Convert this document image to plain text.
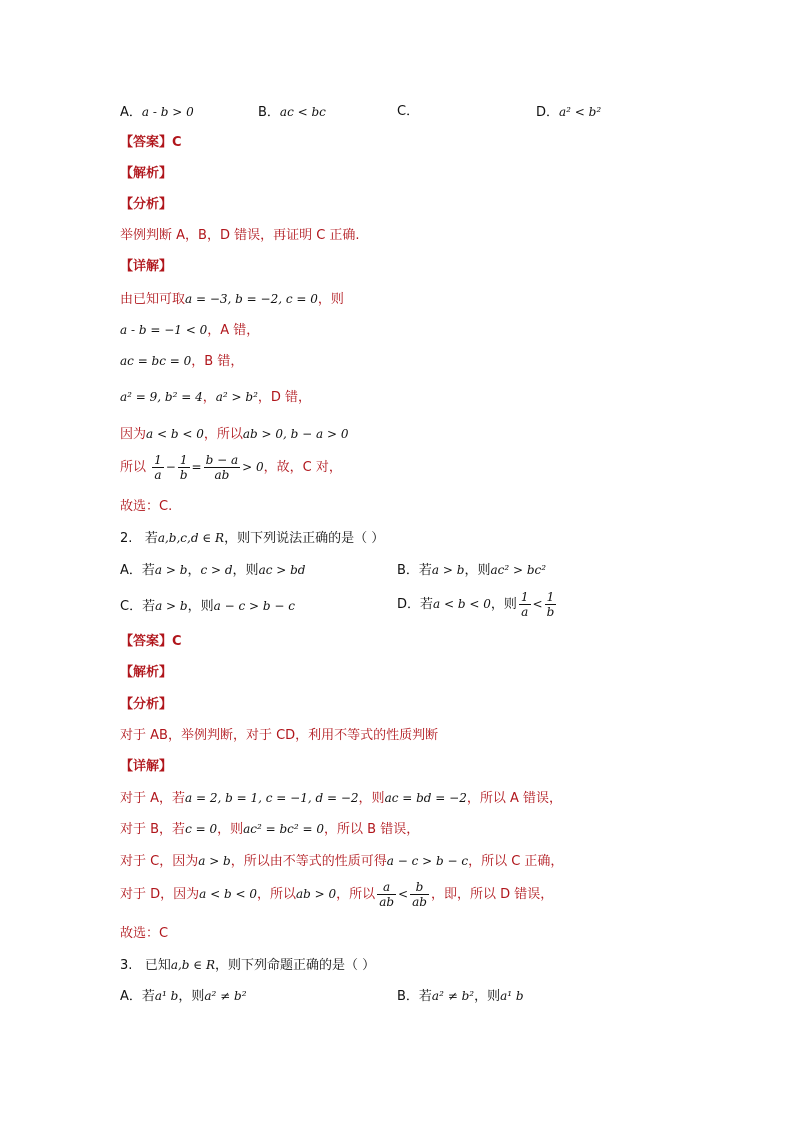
A．a - b > 0	B．ac < bc	C．	D．a² < b²
【答案】C
【解析】
【分析】
举例判断 A，B，D 错误，再证明 C 正确.
【详解】
由已知可取a = −3, b = −2, c = 0，则
a - b = −1 < 0，A 错，
ac = bc = 0，B 错，
a² = 9, b² = 4，a² > b²，D 错，
因为a < b < 0，所以ab > 0, b − a > 0
所以 $\frac{1}{a} - \frac{1}{b} = \frac{b - a}{ab} > 0$，故，C 对，
故选：C.
2. 若a,b,c,d ∈ R，则下列说法正确的是（ ）
A．若a > b，c > d，则ac > bd	B．若a > b，则ac² > bc²
C．若a > b，则a − c > b − c	D．若a < b < 0，则 $\frac{1}{a} < \frac{1}{b}$
【答案】C
【解析】
【分析】
对于 AB，举例判断，对于 CD，利用不等式的性质判断
【详解】
对于 A，若a = 2, b = 1, c = −1, d = −2，则ac = bd = −2，所以 A 错误，
对于 B，若c = 0，则ac² = bc² = 0，所以 B 错误，
对于 C，因为a > b，所以由不等式的性质可得a − c > b − c，所以 C 正确，
对于 D，因为a < b < 0，所以ab > 0，所以 $\frac{a}{ab} < \frac{b}{ab}$ ，即，所以 D 错误，
故选：C
3. 已知a,b ∈ R，则下列命题正确的是（ ）
A．若a¹ b，则a² ≠ b²	B．若a² ≠ b²，则a¹ b
